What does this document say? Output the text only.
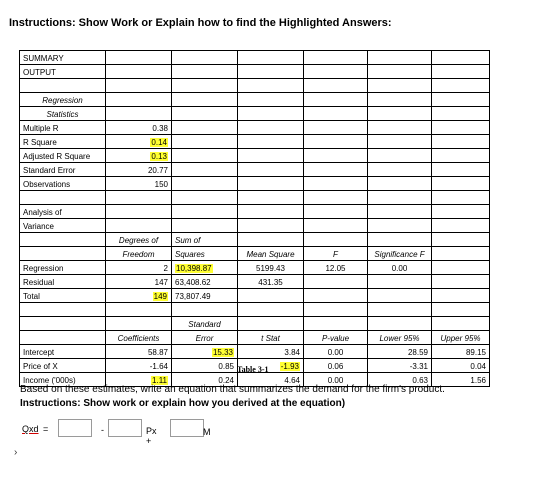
Instructions: Show Work or Explain how to find the Highlighted Answers:
SUMMARY						
OUTPUT						

Regression						
Statistics						
Multiple R	0.38					
R Square	0.14					
Adjusted R Square	0.13					
Standard Error	20.77					
Observations	150					

Analysis of						
Variance						
	Degrees of	Sum of				
	Freedom	Squares	Mean Square	F	Significance F	
Regression	2	10,398.87	5199.43	12.05	0.00	
Residual	147	63,408.62	431.35			
Total	149	73,807.49				

		Standard				
	Coefficients	Error	t Stat	P-value	Lower 95%	Upper 95%
Intercept	58.87	15.33	3.84	0.00	28.59	89.15
Price of X	-1.64	0.85	-1.93	0.06	-3.31	0.04
Income ('000s)	1.11	0.24	4.64	0.00	0.63	1.56
Table 3-1
Based on these estimates, write an equation that summarizes the demand for the firm's product.
Instructions: Show work or explain how you derived at the equation)
Qxd =	-	Px +
M
›
